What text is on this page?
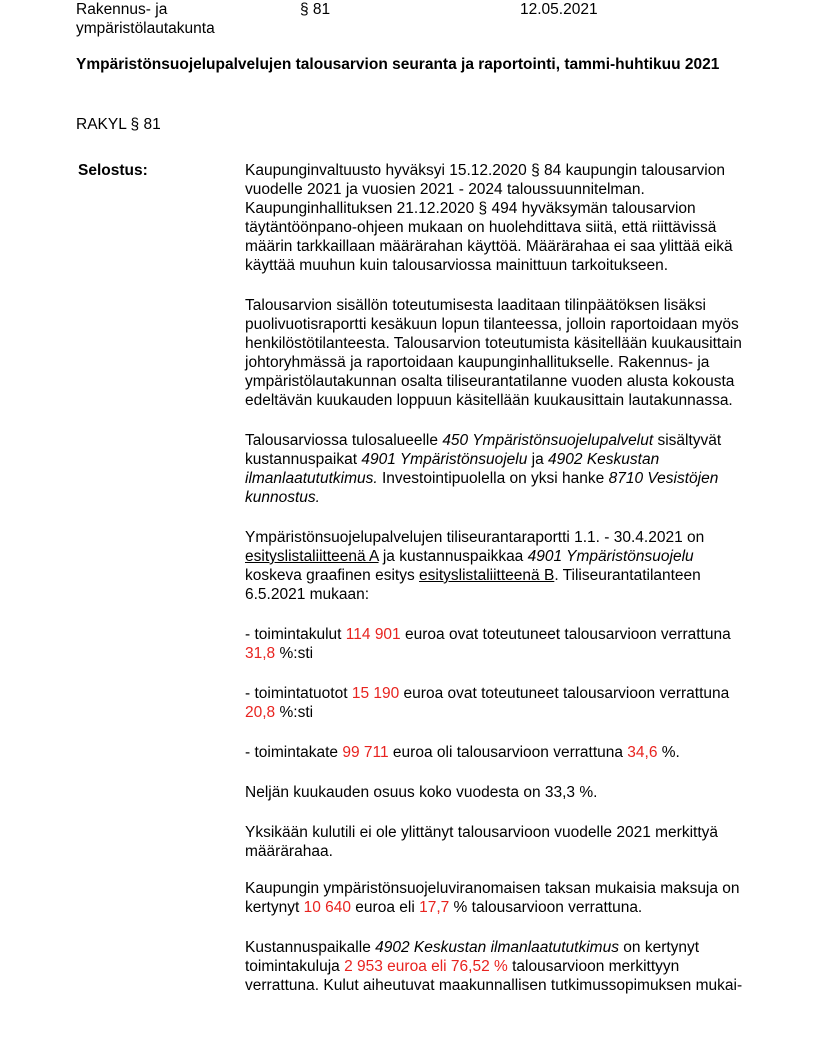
Rakennus- ja
ympäristölautakunta
§ 81	12.05.2021
Ympäristönsuojelupalvelujen talousarvion seuranta ja raportointi, tammi-huhtikuu 2021
RAKYL § 81
Selostus:	Kaupunginvaltuusto hyväksyi 15.12.2020 § 84 kaupungin talousarvion vuodelle 2021 ja vuosien 2021 - 2024 taloussuunnitelman. Kaupunginhallituksen 21.12.2020 § 494 hyväksymän talousarvion täytäntöönpano-ohjeen mukaan on huolehdittava siitä, että riittävissä määrin tarkkaillaan määrärahan käyttöä. Määrärahaa ei saa ylittää eikä käyttää muuhun kuin talousarviossa mainittuun tarkoitukseen.

Talousarvion sisällön toteutumisesta laaditaan tilinpäätöksen lisäksi puolivuotisraportti kesäkuun lopun tilanteessa, jolloin raportoidaan myös henkilöstötilanteesta. Talousarvion toteutumista käsitellään kuukausittain johtoryhmässä ja raportoidaan kaupunginhallitukselle. Rakennus- ja ympäristölautakunnan osalta tiliseurantatilanne vuoden alusta kokousta edeltävän kuukauden loppuun käsitellään kuukausittain lautakunnassa.

Talousarviossa tulosalueelle 450 Ympäristönsuojelupalvelut sisältyvät kustannuspaikat 4901 Ympäristönsuojelu ja 4902 Keskustan ilmanlaatututkimus. Investointipuolella on yksi hanke 8710 Vesistöjen kunnostus.

Ympäristönsuojelupalvelujen tiliseurantaraportti 1.1. - 30.4.2021 on esityslistaliitteenä A ja kustannuspaikkaa 4901 Ympäristönsuojelu koskeva graafinen esitys esityslistaliitteenä B. Tiliseurantatilanteen 6.5.2021 mukaan:

- toimintakulut 114 901 euroa ovat toteutuneet talousarvioon verrattuna 31,8 %:sti

- toimintatuotot 15 190 euroa ovat toteutuneet talousarvioon verrattuna 20,8 %:sti

- toimintakate 99 711 euroa oli talousarvioon verrattuna 34,6 %.

Neljän kuukauden osuus koko vuodesta on 33,3 %.

Yksikään kulutili ei ole ylittänyt talousarvioon vuodelle 2021 merkittyä määrärahaa.

Kaupungin ympäristönsuojeluviranomaisen taksan mukaisia maksuja on kertynyt 10 640 euroa eli 17,7 % talousarvioon verrattuna.

Kustannuspaikalle 4902 Keskustan ilmanlaatututkimus on kertynyt toimintakuluja 2 953 euroa eli 76,52 % talousarvioon merkittyyn verrattuna. Kulut aiheutuvat maakunnallisen tutkimussopimuksen mukai-
